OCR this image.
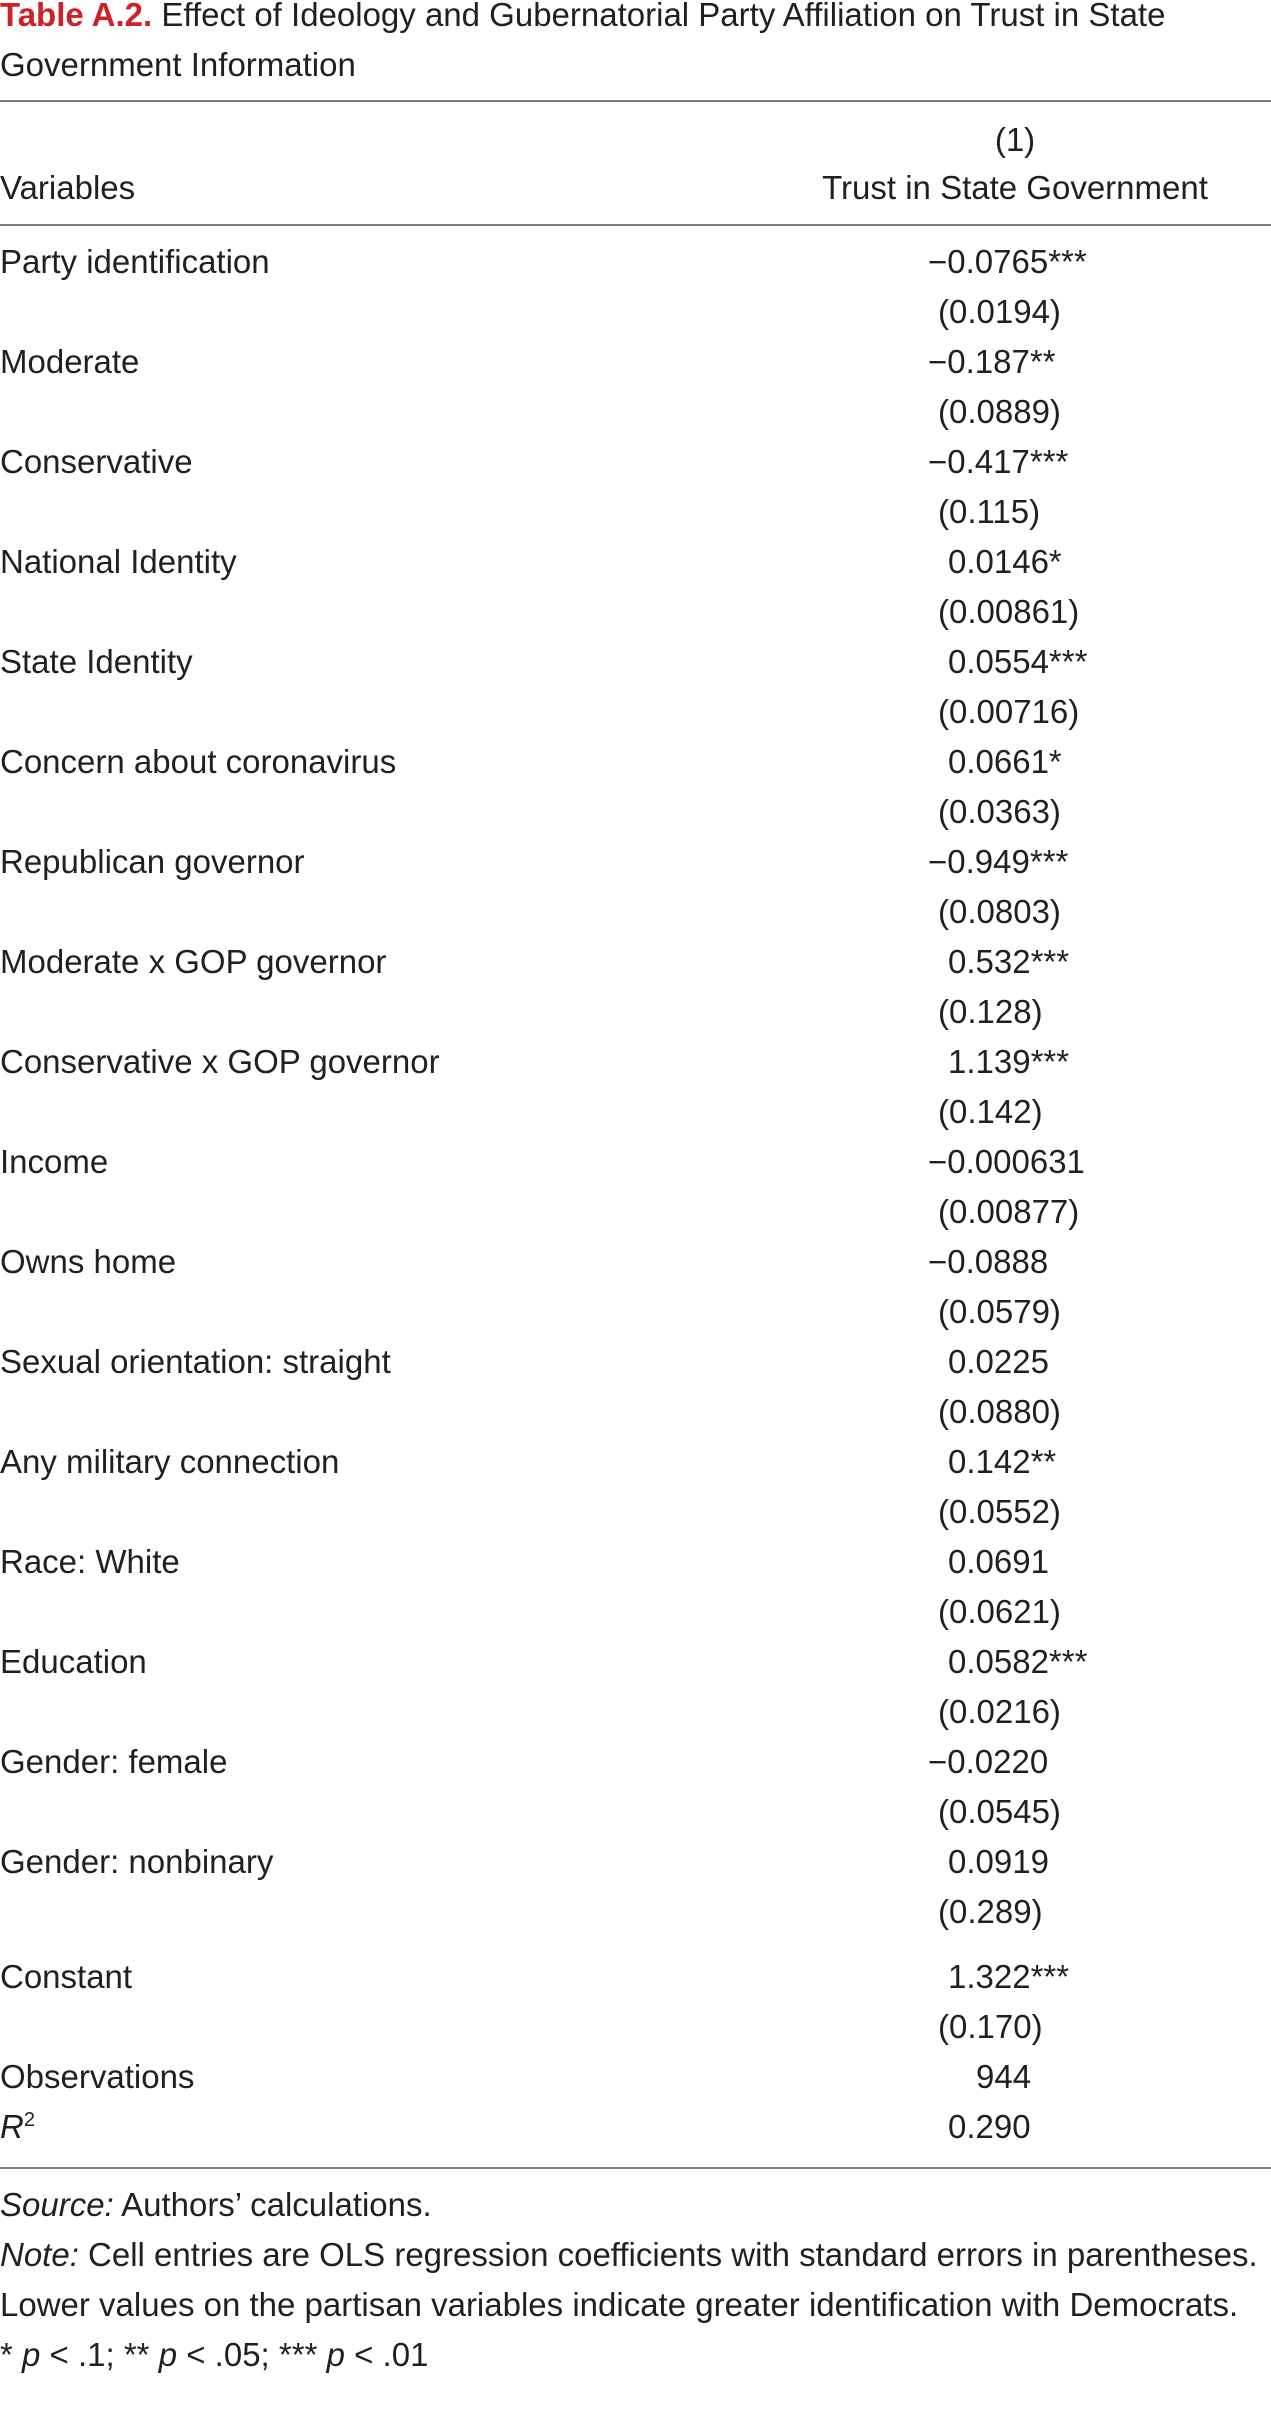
Table A.2. Effect of Ideology and Gubernatorial Party Affiliation on Trust in State Government Information
(1)
Variables	Trust in State Government
Party identification	−0.0765***
(0.0194)
Moderate	−0.187**
(0.0889)
Conservative	−0.417***
(0.115)
National Identity	0.0146*
(0.00861)
State Identity	0.0554***
(0.00716)
Concern about coronavirus	0.0661*
(0.0363)
Republican governor	−0.949***
(0.0803)
Moderate x GOP governor	0.532***
(0.128)
Conservative x GOP governor	1.139***
(0.142)
Income	−0.000631
(0.00877)
Owns home	−0.0888
(0.0579)
Sexual orientation: straight	0.0225
(0.0880)
Any military connection	0.142**
(0.0552)
Race: White	0.0691
(0.0621)
Education	0.0582***
(0.0216)
Gender: female	−0.0220
(0.0545)
Gender: nonbinary	0.0919
(0.289)
Constant	1.322***
(0.170)
Observations	944
$R^2$	0.290

Source: Authors’ calculations.

Note: Cell entries are OLS regression coefficients with standard errors in parentheses. Lower values on the partisan variables indicate greater identification with Democrats.

* p < .1; ** p < .05; *** p < .01
